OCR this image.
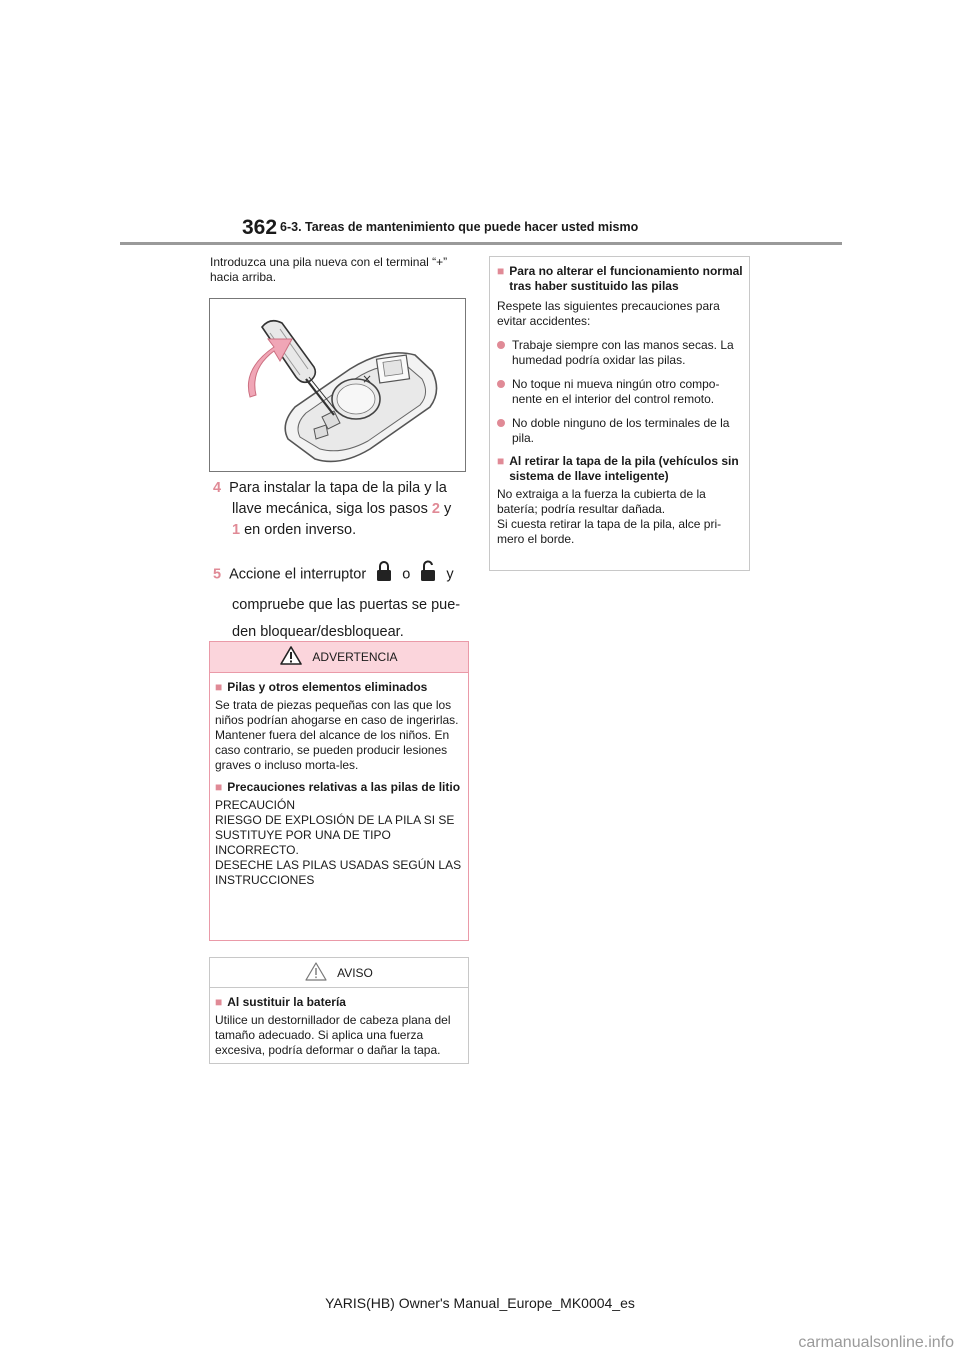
362 6-3. Tareas de mantenimiento que puede hacer usted mismo
Introduzca una pila nueva con el terminal “+” hacia arriba.
×
4 Para instalar la tapa de la pila y la
llave mecánica, siga los pasos 2 y
1 en orden inverso.
5 Accione el interruptor o y
compruebe que las puertas se pue-
den bloquear/desbloquear.
ADVERTENCIA
■ Pilas y otros elementos eliminados
Se trata de piezas pequeñas con las que los niños podrían ahogarse en caso de ingerirlas. Mantener fuera del alcance de los niños. En caso contrario, se pueden producir lesiones graves o incluso morta-les.
■ Precauciones relativas a las pilas de litio
PRECAUCIÓN
RIESGO DE EXPLOSIÓN DE LA PILA SI SE SUSTITUYE POR UNA DE TIPO INCORRECTO.
DESECHE LAS PILAS USADAS SEGÚN LAS INSTRUCCIONES
AVISO
■ Al sustituir la batería
Utilice un destornillador de cabeza plana del tamaño adecuado. Si aplica una fuerza excesiva, podría deformar o dañar la tapa.
■ Para no alterar el funcionamiento normal tras haber sustituido las pilas
Respete las siguientes precauciones para evitar accidentes:
Trabaje siempre con las manos secas. La humedad podría oxidar las pilas.
No toque ni mueva ningún otro compo-nente en el interior del control remoto.
No doble ninguno de los terminales de la pila.
■ Al retirar la tapa de la pila (vehículos sin sistema de llave inteligente)
No extraiga a la fuerza la cubierta de la batería; podría resultar dañada.
Si cuesta retirar la tapa de la pila, alce pri-mero el borde.
YARIS(HB) Owner's Manual_Europe_MK0004_es
carmanualsonline.info
